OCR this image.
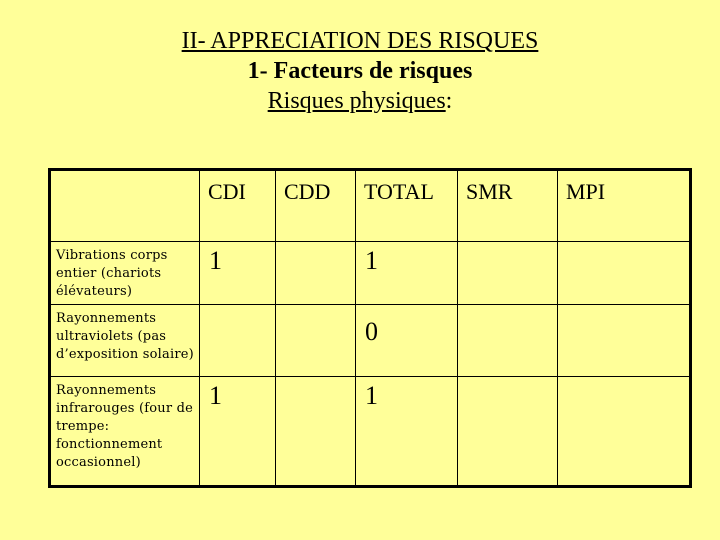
II- APPRECIATION DES RISQUES
1- Facteurs de risques
Risques physiques:
	CDI	CDD	TOTAL	SMR	MPI
Vibrations corps entier (chariots élévateurs)	1		1		
Rayonnements ultraviolets (pas d’exposition solaire)			0		
Rayonnements infrarouges (four de trempe: fonctionnement occasionnel)	1		1		
